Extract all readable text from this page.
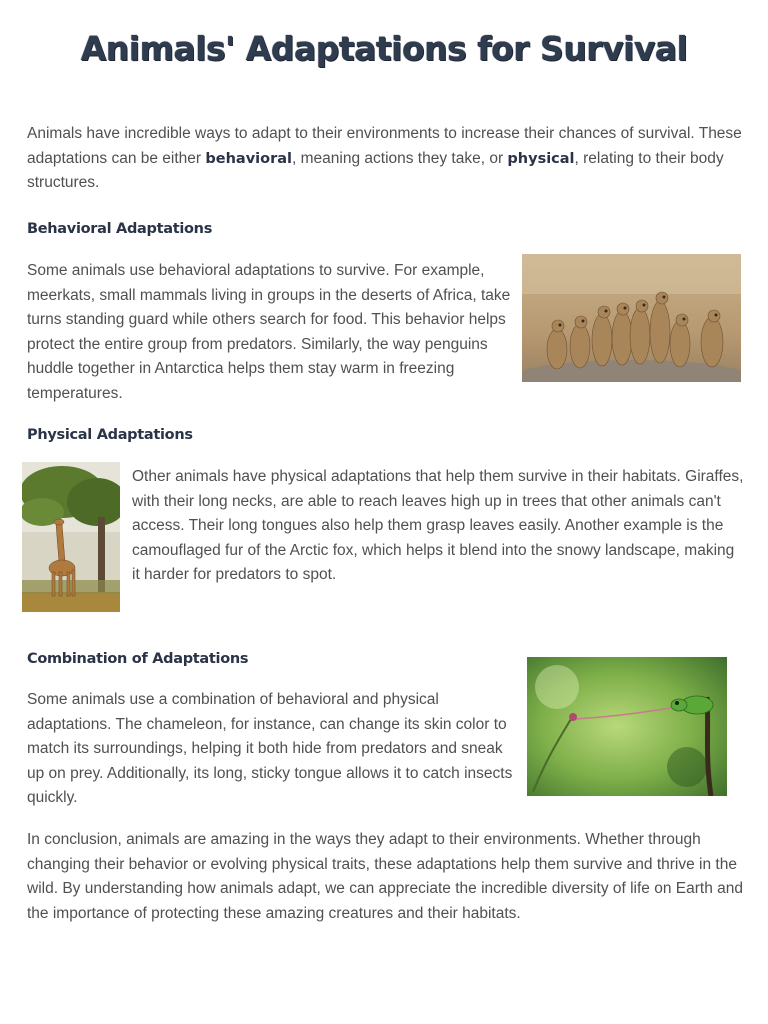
Animals' Adaptations for Survival

Animals have incredible ways to adapt to their environments to increase their chances of survival. These adaptations can be either behavioral, meaning actions they take, or physical, relating to their body structures.

Behavioral Adaptations

Some animals use behavioral adaptations to survive. For example, meerkats, small mammals living in groups in the deserts of Africa, take turns standing guard while others search for food. This behavior helps protect the entire group from predators. Similarly, the way penguins huddle together in Antarctica helps them stay warm in freezing temperatures.

Physical Adaptations

Other animals have physical adaptations that help them survive in their habitats. Giraffes, with their long necks, are able to reach leaves high up in trees that other animals can't access. Their long tongues also help them grasp leaves easily. Another example is the camouflaged fur of the Arctic fox, which helps it blend into the snowy landscape, making it harder for predators to spot.

Combination of Adaptations

Some animals use a combination of behavioral and physical adaptations. The chameleon, for instance, can change its skin color to match its surroundings, helping it both hide from predators and sneak up on prey. Additionally, its long, sticky tongue allows it to catch insects quickly.

In conclusion, animals are amazing in the ways they adapt to their environments. Whether through changing their behavior or evolving physical traits, these adaptations help them survive and thrive in the wild. By understanding how animals adapt, we can appreciate the incredible diversity of life on Earth and the importance of protecting these amazing creatures and their habitats.
